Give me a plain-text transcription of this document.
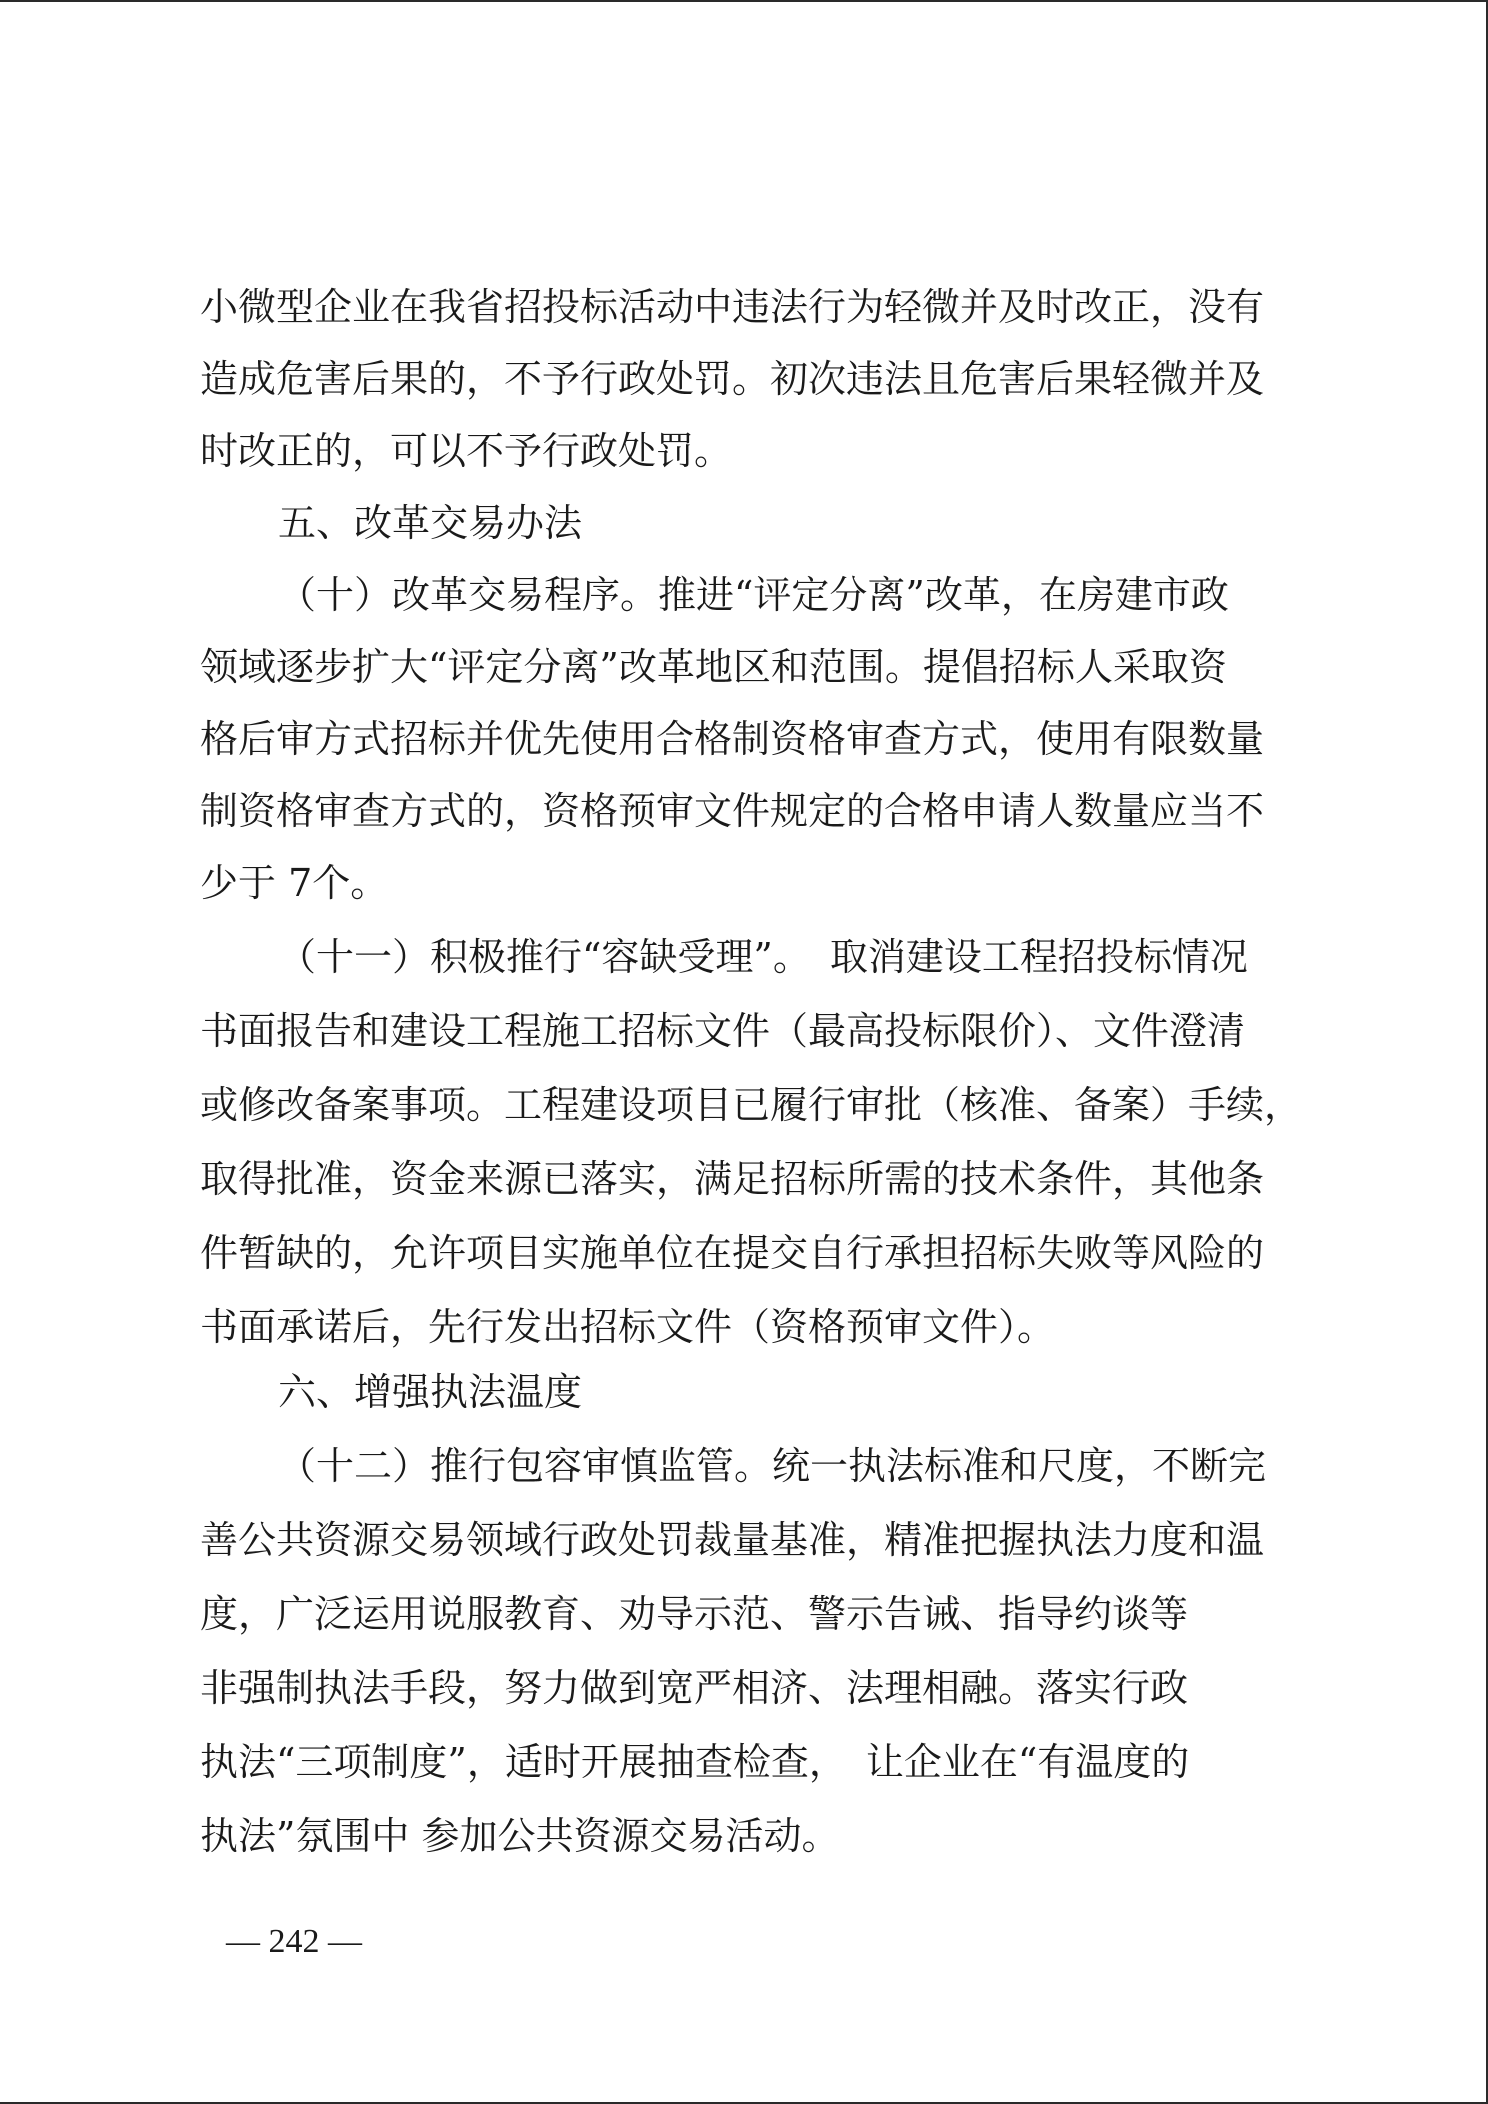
小微型企业在我省招投标活动中违法行为轻微并及时改正，没有
造成危害后果的，不予行政处罚。初次违法且危害后果轻微并及
时改正的，可以不予行政处罚。
五、改革交易办法
（十）改革交易程序。推进“评定分离”改革，在房建市政
领域逐步扩大“评定分离”改革地区和范围。提倡招标人采取资
格后审方式招标并优先使用合格制资格审查方式，使用有限数量
制资格审查方式的，资格预审文件规定的合格申请人数量应当不
少于 7个。
（十一）积极推行“容缺受理”。　取消建设工程招投标情况
书面报告和建设工程施工招标文件（最高投标限价）、文件澄清
或修改备案事项。工程建设项目已履行审批（核准、备案）手续，
取得批准，资金来源已落实，满足招标所需的技术条件，其他条
件暂缺的，允许项目实施单位在提交自行承担招标失败等风险的
书面承诺后，先行发出招标文件（资格预审文件）。
六、增强执法温度
（十二）推行包容审慎监管。统一执法标准和尺度，不断完
善公共资源交易领域行政处罚裁量基准，精准把握执法力度和温
度，广泛运用说服教育、劝导示范、警示告诫、指导约谈等
非强制执法手段，努力做到宽严相济、法理相融。落实行政
执法“三项制度”，适时开展抽查检查，　让企业在“有温度的
执法”氛围中 参加公共资源交易活动。
— 242 —
